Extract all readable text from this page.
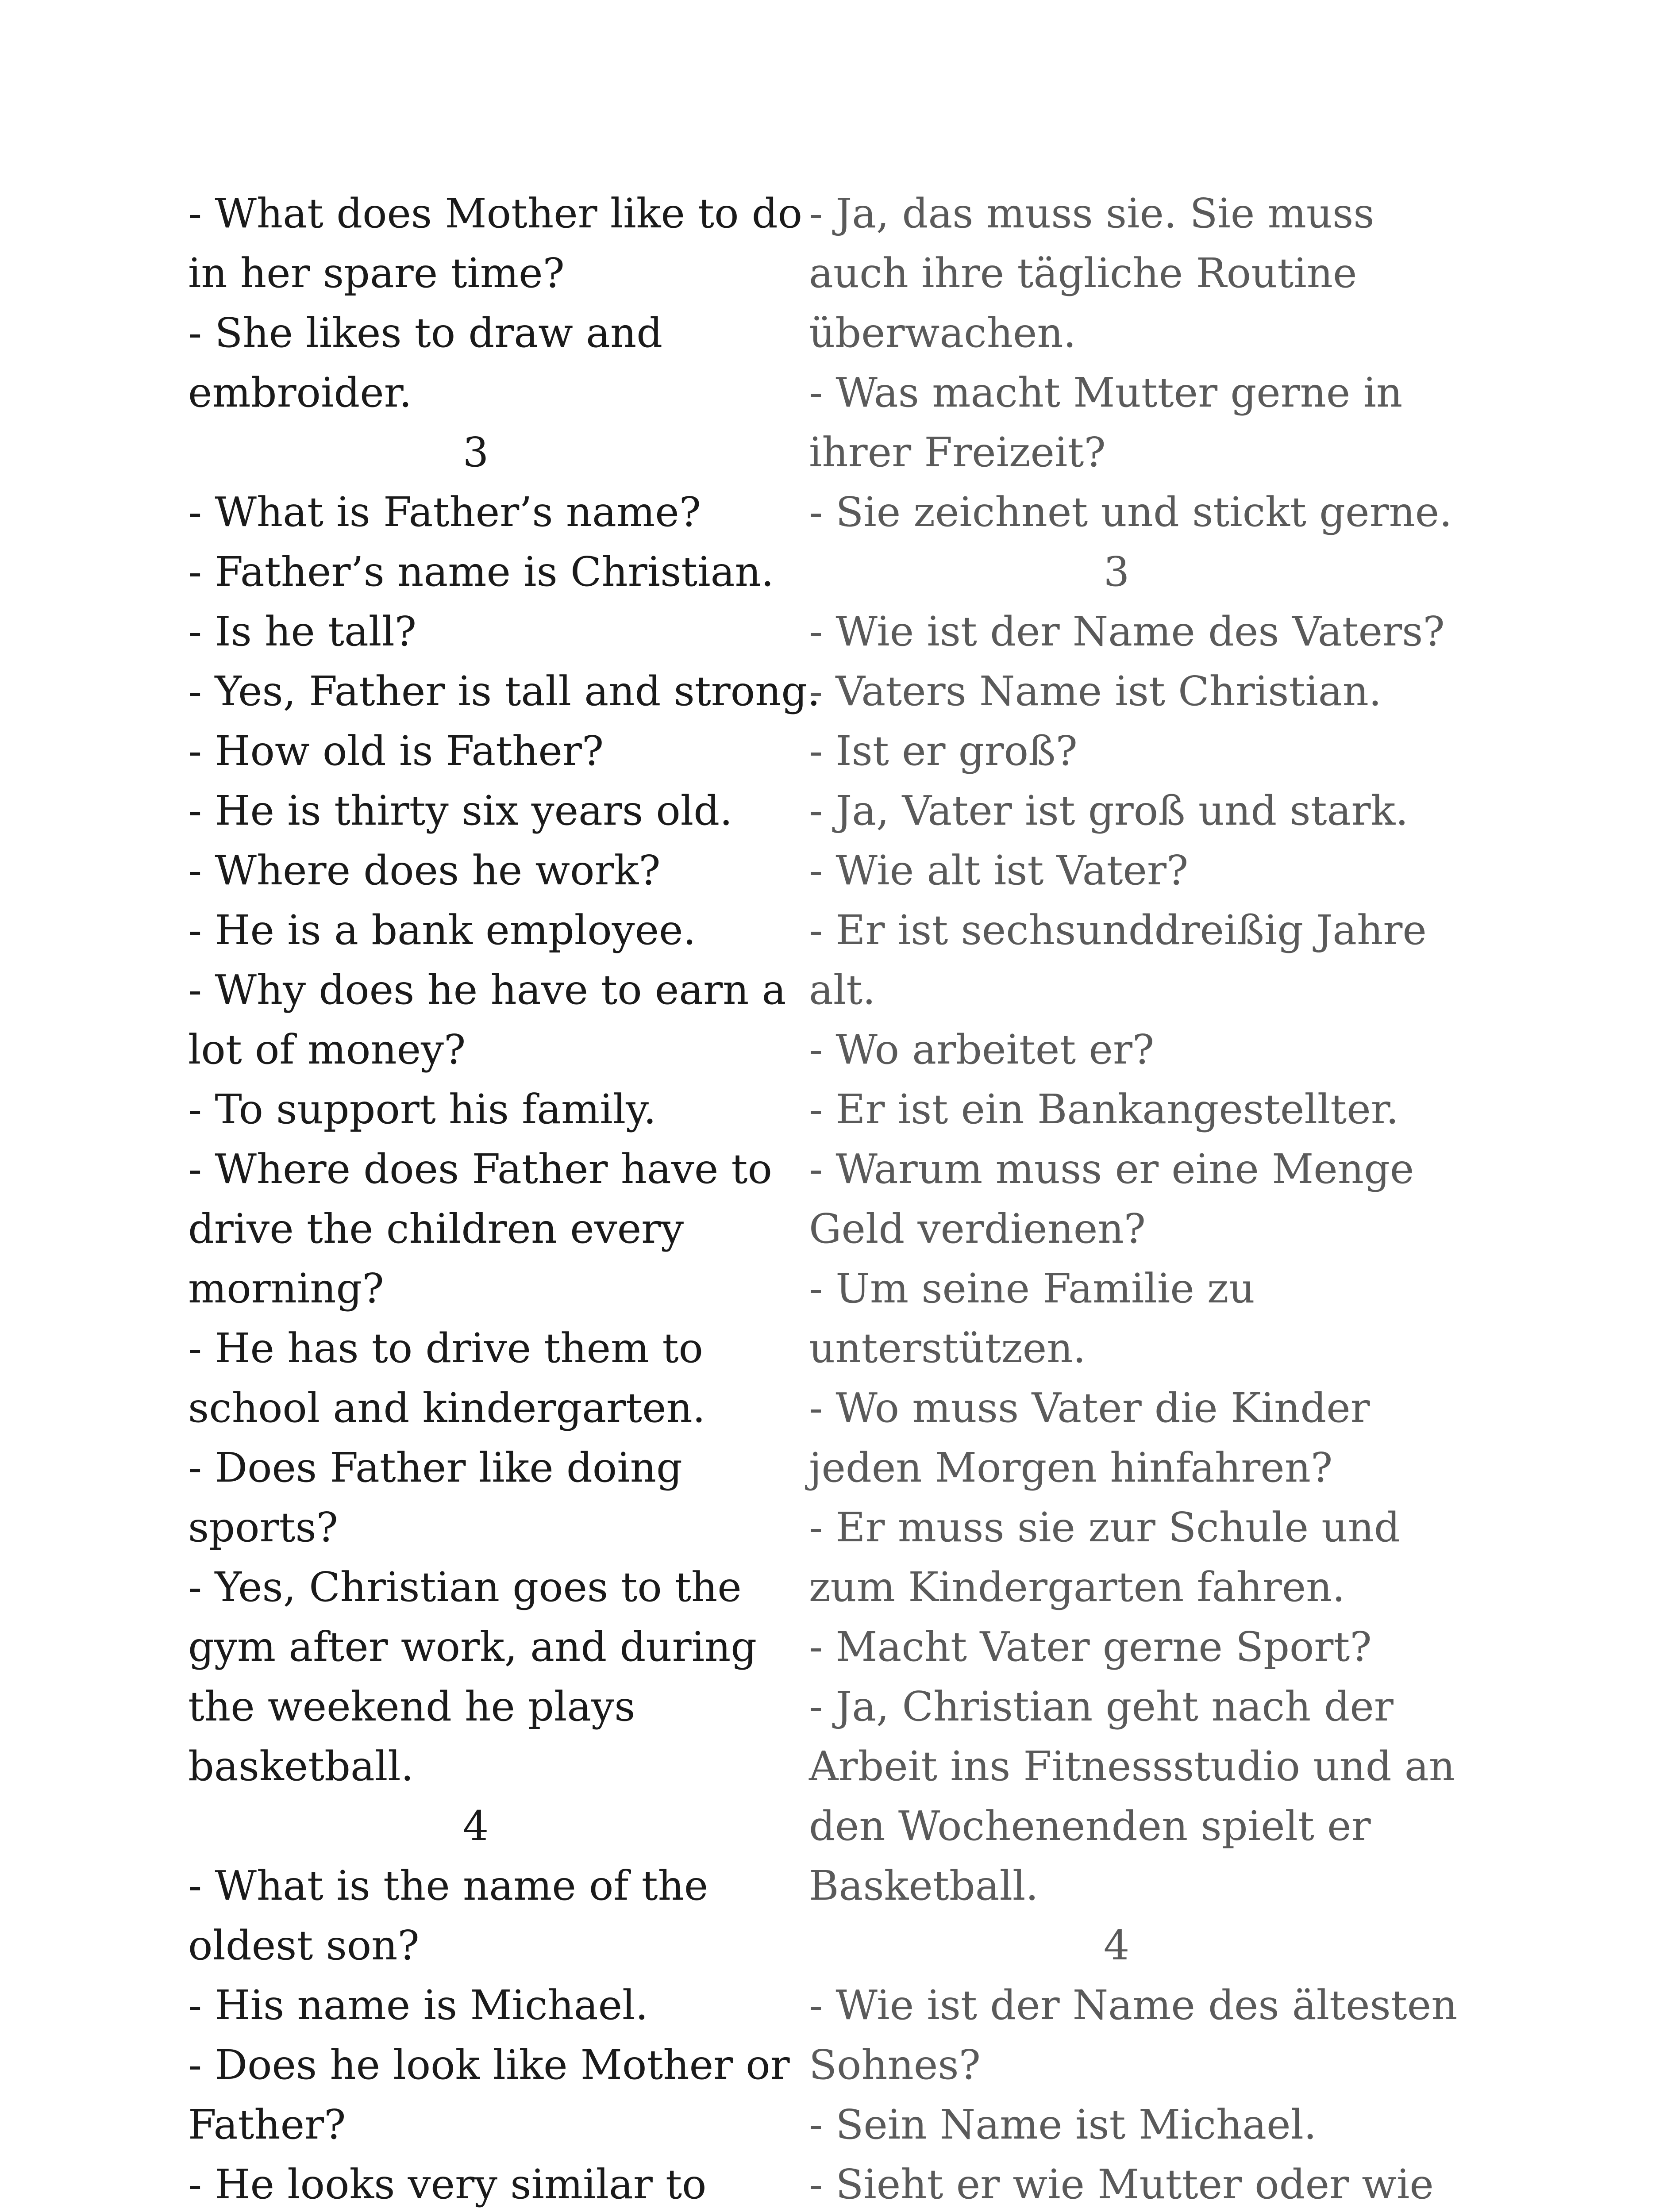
- What does Mother like to do
in her spare time?
- She likes to draw and
embroider.
3
- What is Father’s name?
- Father’s name is Christian.
- Is he tall?
- Yes, Father is tall and strong.
- How old is Father?
- He is thirty six years old.
- Where does he work?
- He is a bank employee.
- Why does he have to earn a
lot of money?
- To support his family.
- Where does Father have to
drive the children every
morning?
- He has to drive them to
school and kindergarten.
- Does Father like doing
sports?
- Yes, Christian goes to the
gym after work, and during
the weekend he plays
basketball.
4
- What is the name of the
oldest son?
- His name is Michael.
- Does he look like Mother or
Father?
- He looks very similar to
- Ja, das muss sie. Sie muss
auch ihre tägliche Routine
überwachen.
- Was macht Mutter gerne in
ihrer Freizeit?
- Sie zeichnet und stickt gerne.
3
- Wie ist der Name des Vaters?
- Vaters Name ist Christian.
- Ist er groß?
- Ja, Vater ist groß und stark.
- Wie alt ist Vater?
- Er ist sechsunddreißig Jahre
alt.
- Wo arbeitet er?
- Er ist ein Bankangestellter.
- Warum muss er eine Menge
Geld verdienen?
- Um seine Familie zu
unterstützen.
- Wo muss Vater die Kinder
jeden Morgen hinfahren?
- Er muss sie zur Schule und
zum Kindergarten fahren.
- Macht Vater gerne Sport?
- Ja, Christian geht nach der
Arbeit ins Fitnessstudio und an
den Wochenenden spielt er
Basketball.
4
- Wie ist der Name des ältesten
Sohnes?
- Sein Name ist Michael.
- Sieht er wie Mutter oder wie
